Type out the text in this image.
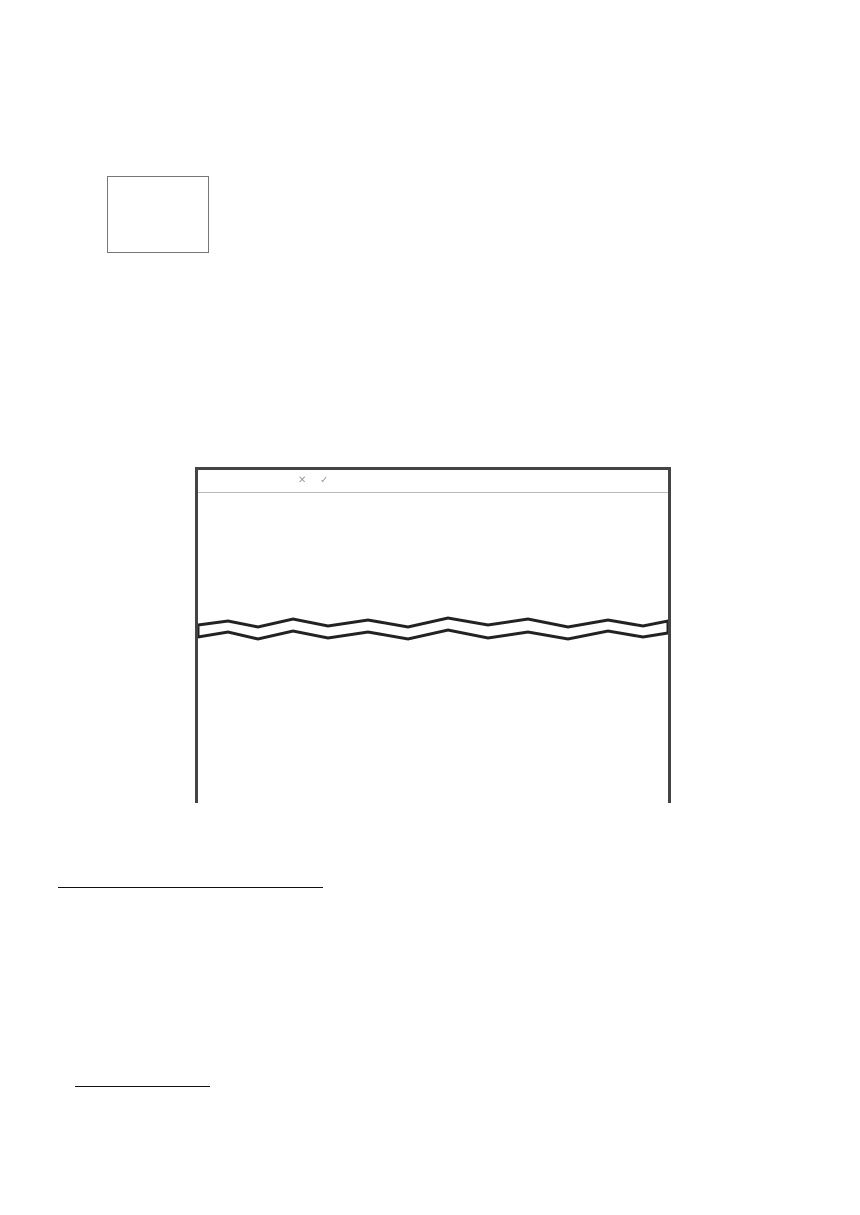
✕ ✓
